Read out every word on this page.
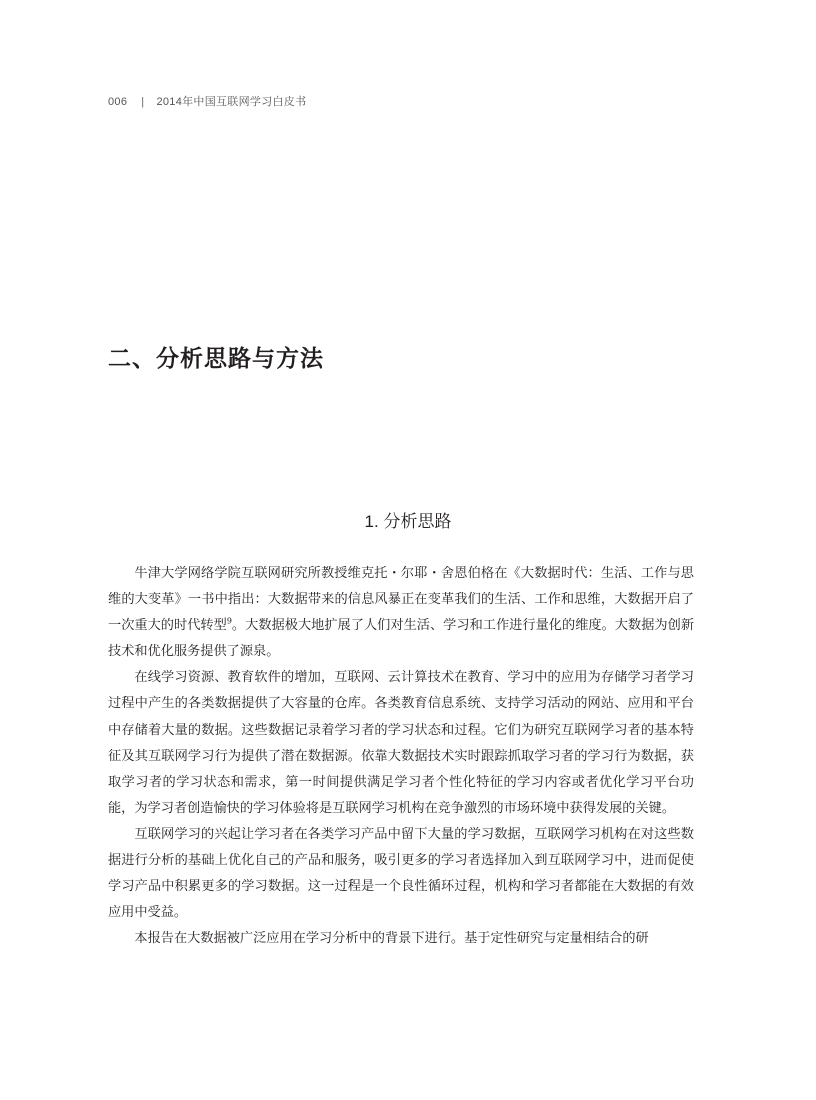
006 | 2014年中国互联网学习白皮书
二、分析思路与方法
1. 分析思路

牛津大学网络学院互联网研究所教授维克托・尔耶・舍恩伯格在《大数据时代：生活、工作与思维的大变革》一书中指出：大数据带来的信息风暴正在变革我们的生活、工作和思维，大数据开启了一次重大的时代转型$^9$。大数据极大地扩展了人们对生活、学习和工作进行量化的维度。大数据为创新技术和优化服务提供了源泉。

在线学习资源、教育软件的增加，互联网、云计算技术在教育、学习中的应用为存储学习者学习过程中产生的各类数据提供了大容量的仓库。各类教育信息系统、支持学习活动的网站、应用和平台中存储着大量的数据。这些数据记录着学习者的学习状态和过程。它们为研究互联网学习者的基本特征及其互联网学习行为提供了潜在数据源。依靠大数据技术实时跟踪抓取学习者的学习行为数据，获取学习者的学习状态和需求，第一时间提供满足学习者个性化特征的学习内容或者优化学习平台功能，为学习者创造愉快的学习体验将是互联网学习机构在竞争激烈的市场环境中获得发展的关键。

互联网学习的兴起让学习者在各类学习产品中留下大量的学习数据，互联网学习机构在对这些数据进行分析的基础上优化自己的产品和服务，吸引更多的学习者选择加入到互联网学习中，进而促使学习产品中积累更多的学习数据。这一过程是一个良性循环过程，机构和学习者都能在大数据的有效应用中受益。

本报告在大数据被广泛应用在学习分析中的背景下进行。基于定性研究与定量相结合的研
